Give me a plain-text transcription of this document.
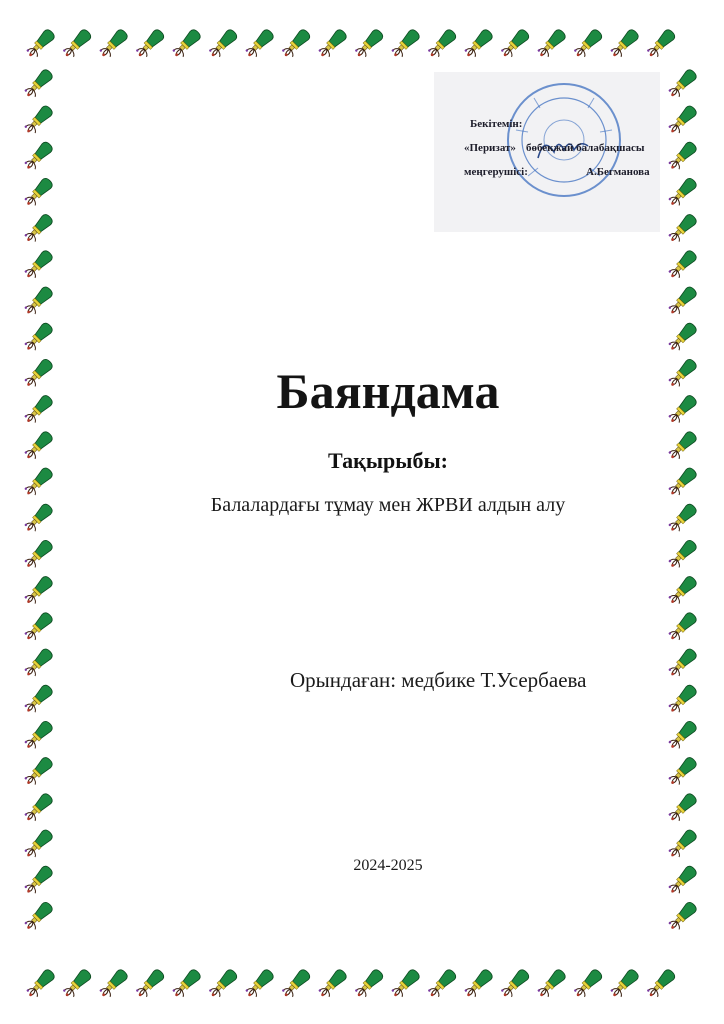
Бекітемін:
«Перизат» бөбекжай балабақшасы
меңгерушісі:	А.Бегманова
Баяндама
Тақырыбы:
Балалардағы тұмау мен ЖРВИ алдын алу
Орындаған: медбике Т.Усербаева
2024-2025
